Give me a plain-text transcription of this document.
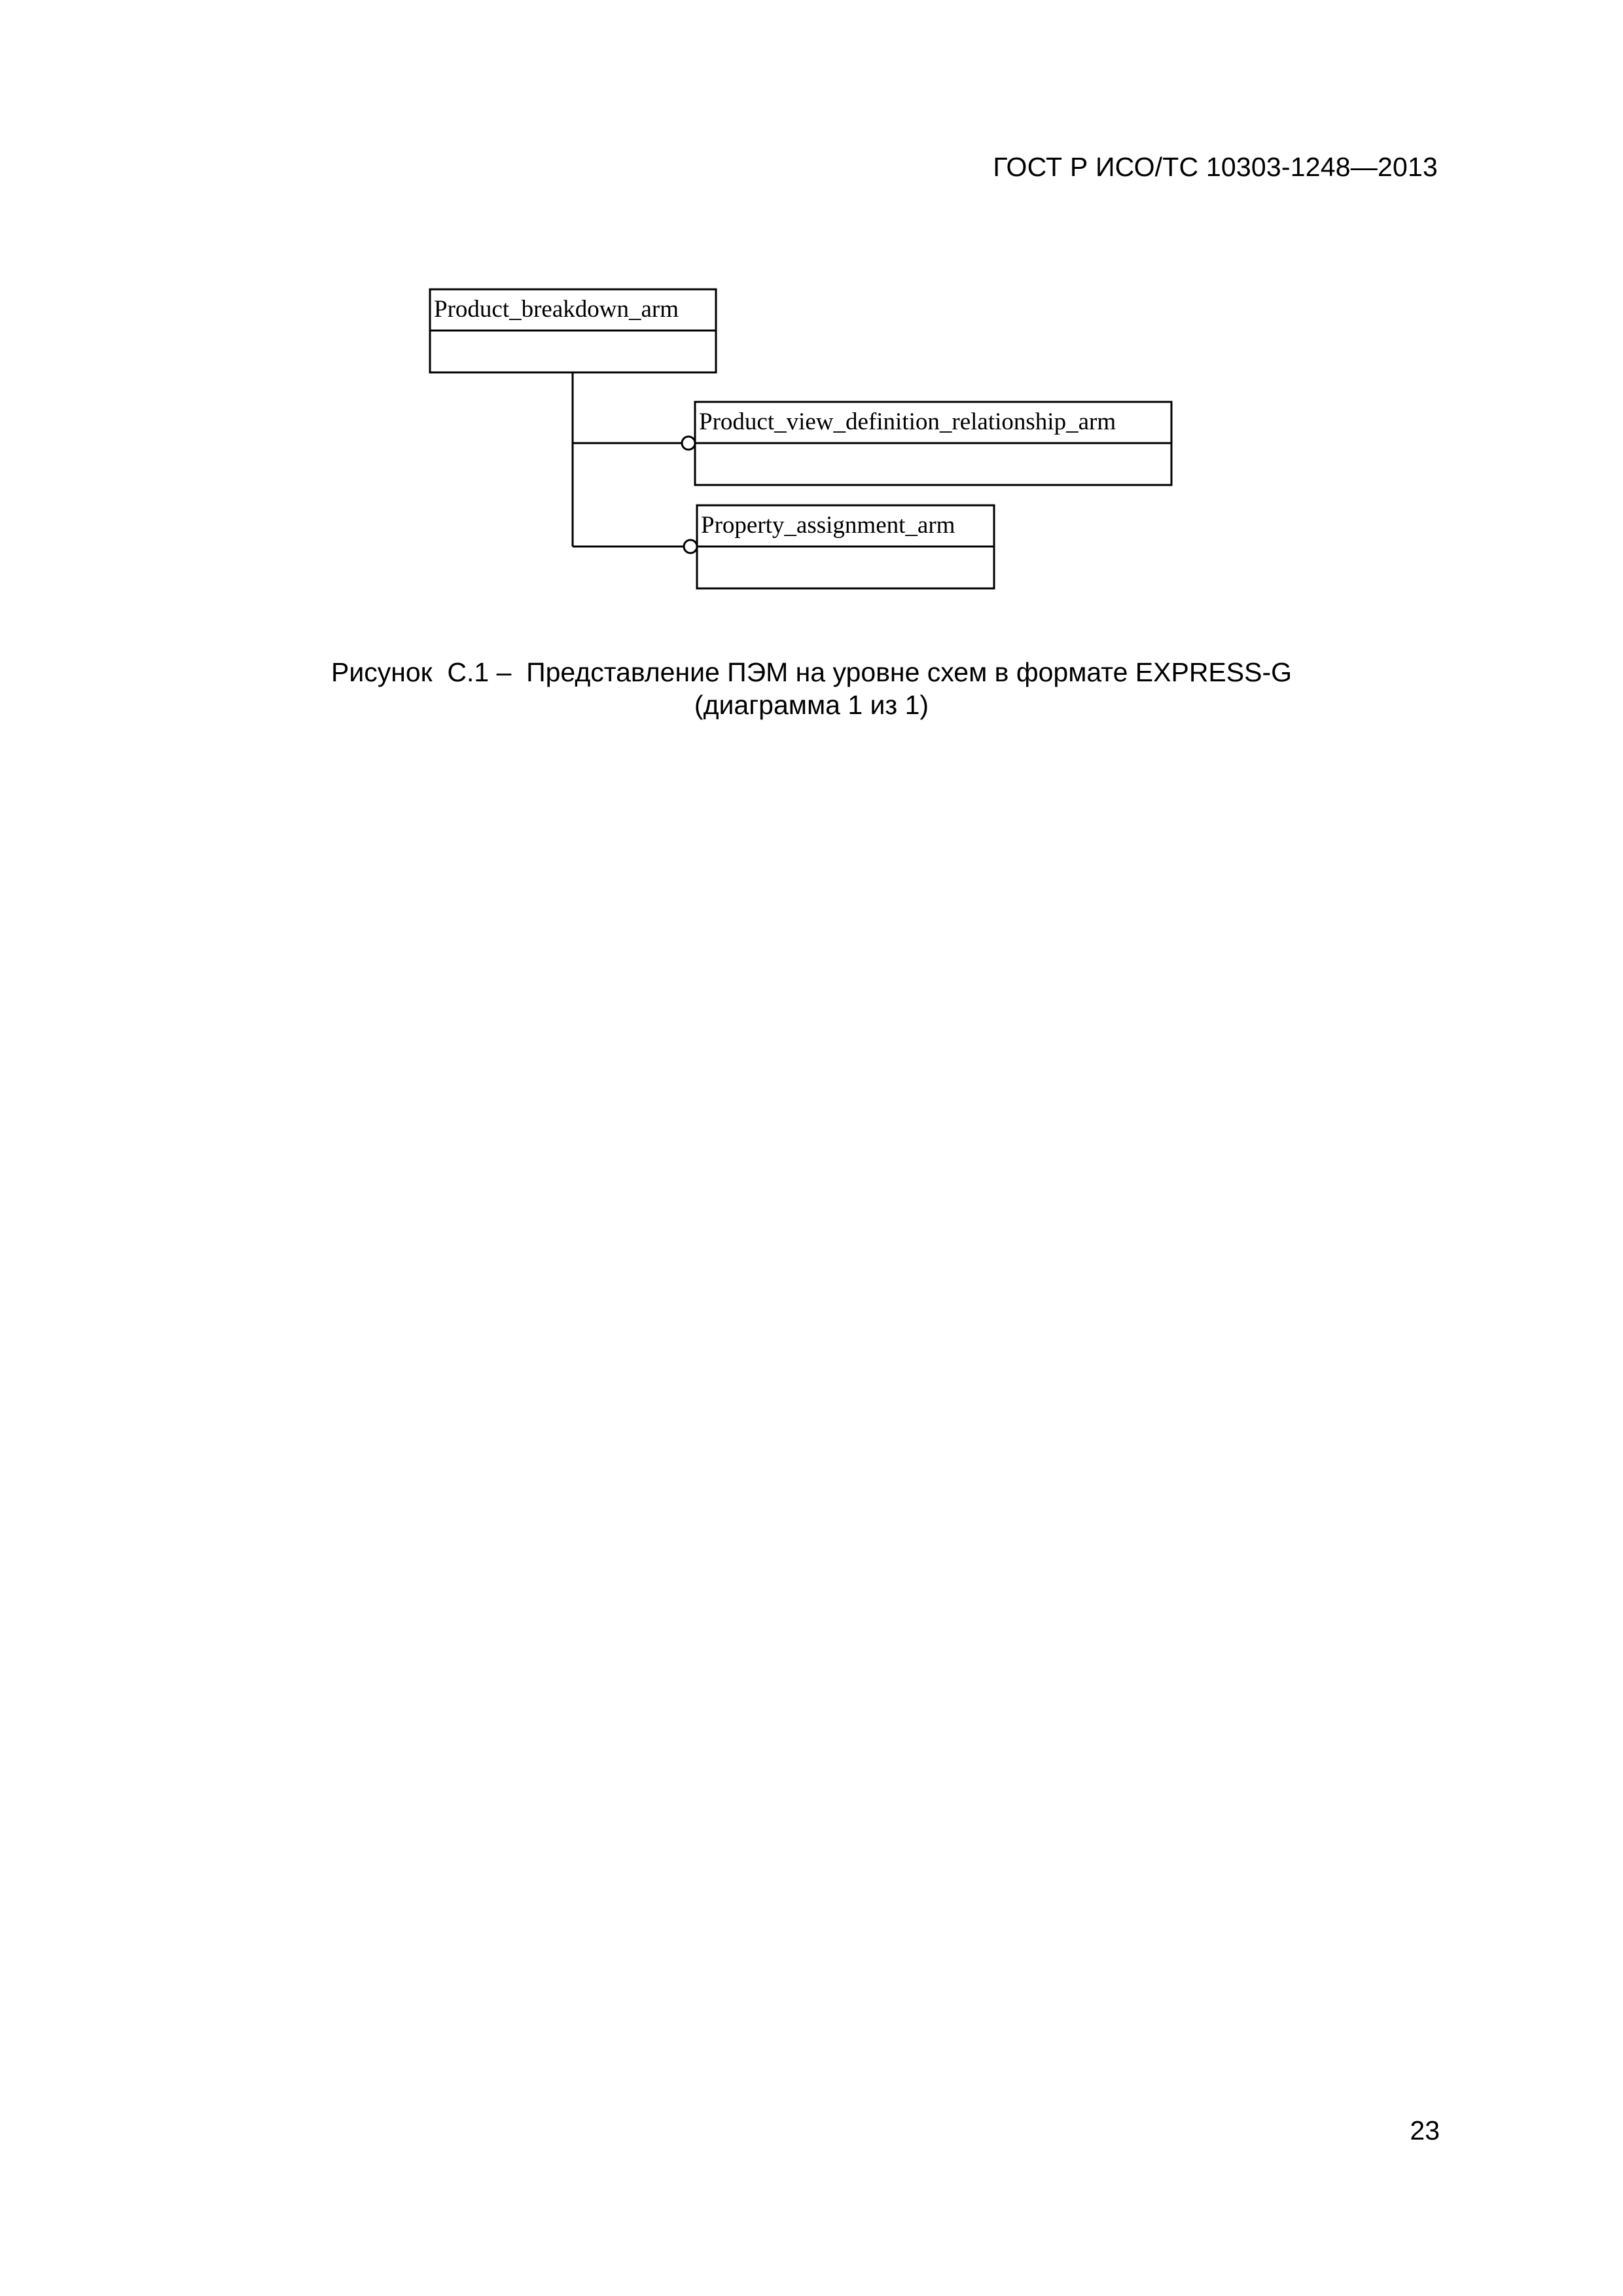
ГОСТ Р ИСО/ТС 10303-1248—2013
Product_breakdown_arm
Product_view_definition_relationship_arm
Property_assignment_arm
Рисунок  С.1 –  Представление ПЭМ на уровне схем в формате EXPRESS-G
(диаграмма 1 из 1)
23
